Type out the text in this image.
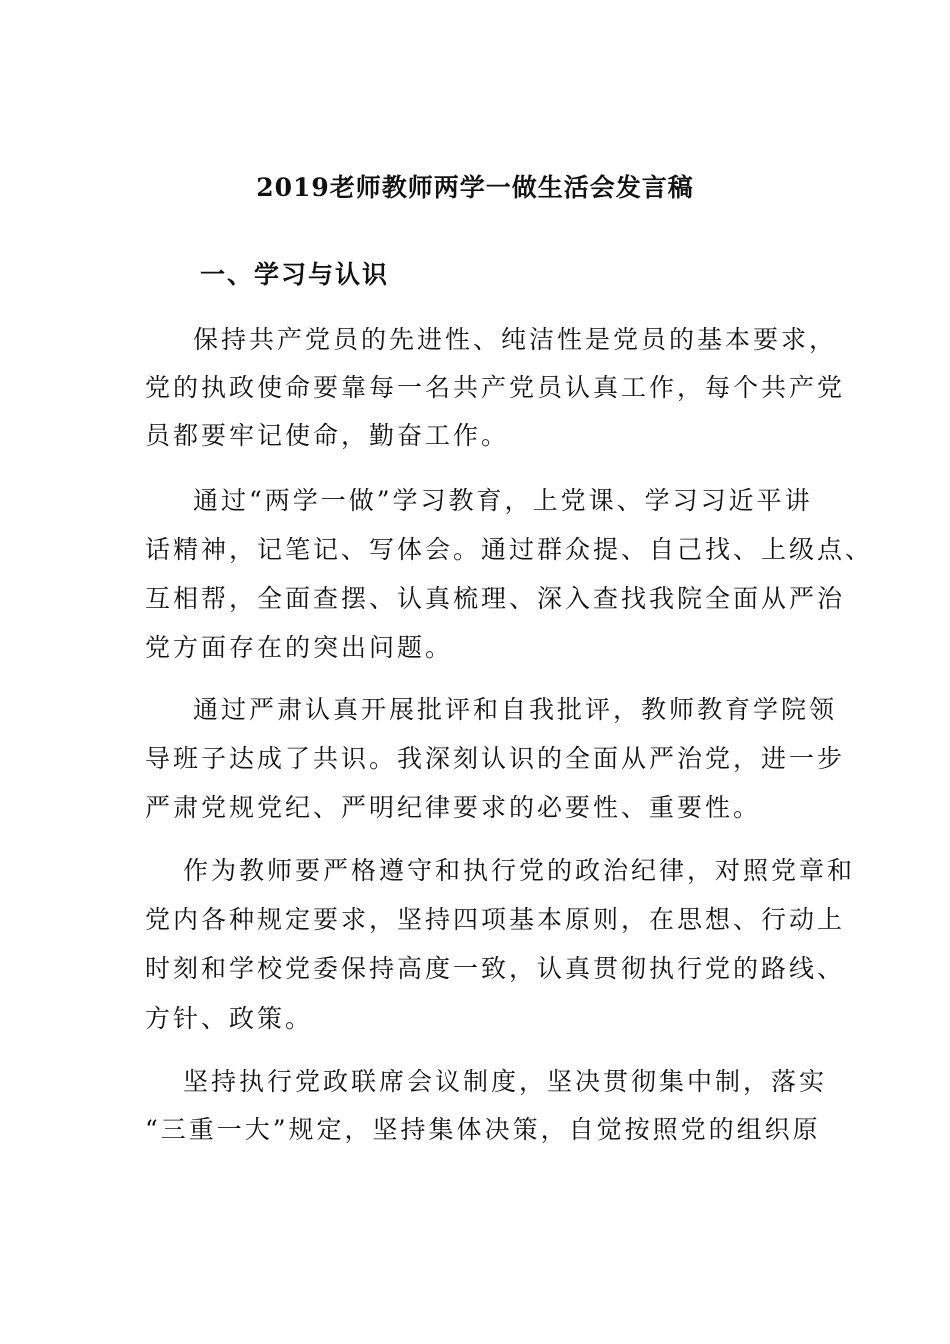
2019老师教师两学一做生活会发言稿
一、学习与认识
保持共产党员的先进性、纯洁性是党员的基本要求，
党的执政使命要靠每一名共产党员认真工作，每个共产党
员都要牢记使命，勤奋工作。
通过“两学一做”学习教育，上党课、学习习近平讲
话精神，记笔记、写体会。通过群众提、自己找、上级点、
互相帮，全面查摆、认真梳理、深入查找我院全面从严治
党方面存在的突出问题。
通过严肃认真开展批评和自我批评，教师教育学院领
导班子达成了共识。我深刻认识的全面从严治党，进一步
严肃党规党纪、严明纪律要求的必要性、重要性。
作为教师要严格遵守和执行党的政治纪律，对照党章和
党内各种规定要求，坚持四项基本原则，在思想、行动上
时刻和学校党委保持高度一致，认真贯彻执行党的路线、
方针、政策。
坚持执行党政联席会议制度，坚决贯彻集中制，落实
“三重一大”规定，坚持集体决策，自觉按照党的组织原
